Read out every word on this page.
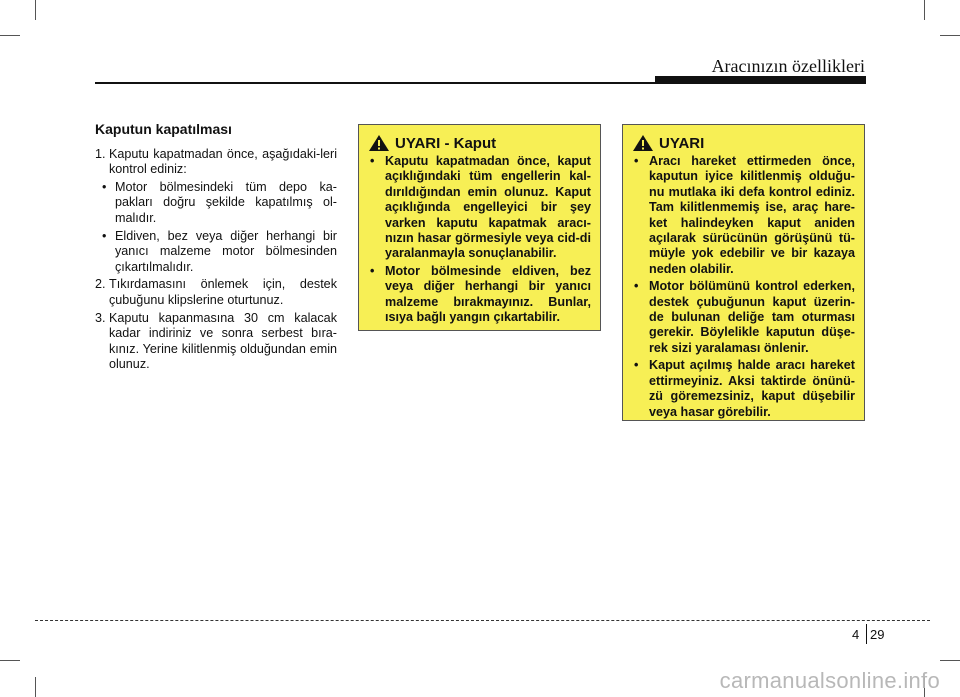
Aracınızın özellikleri
Kaputun kapatılması
1. Kaputu kapatmadan önce, aşağıdaki-leri kontrol ediniz:
• Motor bölmesindeki tüm depo ka-pakları doğru şekilde kapatılmış ol-malıdır.
• Eldiven, bez veya diğer herhangi bir yanıcı malzeme motor bölmesinden çıkartılmalıdır.
2. Tıkırdamasını önlemek için, destek çubuğunu klipslerine oturtunuz.
3. Kaputu kapanmasına 30 cm kalacak kadar indiriniz ve sonra serbest bıra-kınız. Yerine kilitlenmiş olduğundan emin olunuz.
UYARI - Kaput
• Kaputu kapatmadan önce, kaput açıklığındaki tüm engellerin kal-dırıldığından emin olunuz. Kaput açıklığında engelleyici bir şey varken kaputu kapatmak aracı-nızın hasar görmesiyle veya cid-di yaralanmayla sonuçlanabilir.
• Motor bölmesinde eldiven, bez veya diğer herhangi bir yanıcı malzeme bırakmayınız. Bunlar, ısıya bağlı yangın çıkartabilir.
UYARI
• Aracı hareket ettirmeden önce, kaputun iyice kilitlenmiş olduğu-nu mutlaka iki defa kontrol ediniz. Tam kilitlenmemiş ise, araç hare-ket halindeyken kaput aniden açılarak sürücünün görüşünü tü-müyle yok edebilir ve bir kazaya neden olabilir.
• Motor bölümünü kontrol ederken, destek çubuğunun kaput üzerin-de bulunan deliğe tam oturması gerekir. Böylelikle kaputun düşe-rek sizi yaralaması önlenir.
• Kaput açılmış halde aracı hareket ettirmeyiniz. Aksi taktirde önünü-zü göremezsiniz, kaput düşebilir veya hasar görebilir.
4 29
carmanualsonline.info
